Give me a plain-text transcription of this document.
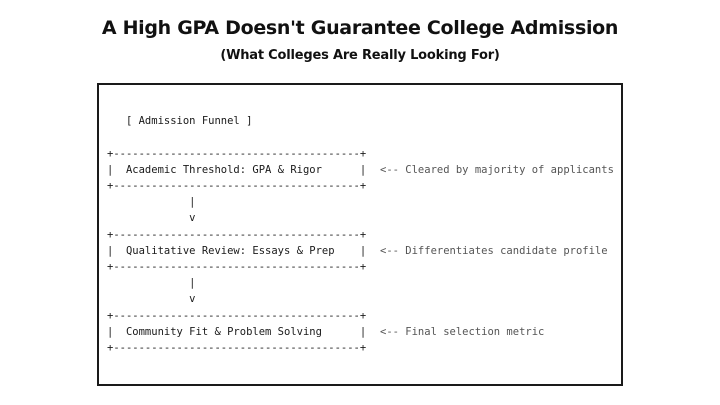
A High GPA Doesn't Guarantee College Admission
(What Colleges Are Really Looking For)
[ Admission Funnel ]
+---------------------------------------+
|  Academic Threshold: GPA & Rigor      | <-- Cleared by majority of applicants
+---------------------------------------+
|
v
+---------------------------------------+
|  Qualitative Review: Essays & Prep    | <-- Differentiates candidate profile
+---------------------------------------+
|
v
+---------------------------------------+
|  Community Fit & Problem Solving      | <-- Final selection metric
+---------------------------------------+
